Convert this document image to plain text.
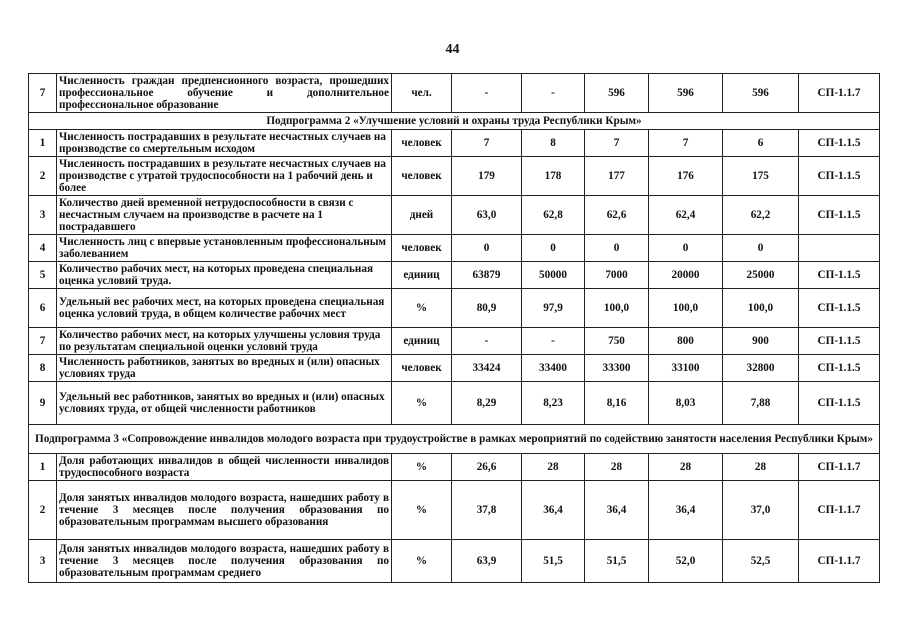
44
7	Численность граждан предпенсионного возраста, прошедших профессиональное обучение и дополнительное профессиональное образование	чел.	-	-	596	596	596	СП-1.1.7
Подпрограмма 2 «Улучшение условий и охраны труда Республики Крым»								
1	Численность пострадавших в результате несчастных случаев на производстве со смертельным исходом	человек	7	8	7	7	6	СП-1.1.5
2	Численность пострадавших в результате несчастных случаев на производстве с утратой трудоспособности на 1 рабочий день и более	человек	179	178	177	176	175	СП-1.1.5
3	Количество дней временной нетрудоспособности в связи с несчастным случаем на производстве в расчете на 1 пострадавшего	дней	63,0	62,8	62,6	62,4	62,2	СП-1.1.5
4	Численность лиц с впервые установленным профессиональным заболеванием	человек	0	0	0	0	0	
5	Количество рабочих мест, на которых проведена специальная оценка условий труда.	единиц	63879	50000	7000	20000	25000	СП-1.1.5
6	Удельный вес рабочих мест, на которых проведена специальная оценка условий труда, в общем количестве рабочих мест	%	80,9	97,9	100,0	100,0	100,0	СП-1.1.5
7	Количество рабочих мест, на которых улучшены условия труда по результатам специальной оценки условий труда	единиц	-	-	750	800	900	СП-1.1.5
8	Численность работников, занятых во вредных и (или) опасных условиях труда	человек	33424	33400	33300	33100	32800	СП-1.1.5
9	Удельный вес работников, занятых во вредных и (или) опасных условиях труда, от общей численности работников	%	8,29	8,23	8,16	8,03	7,88	СП-1.1.5
Подпрограмма 3 «Сопровождение инвалидов молодого возраста при трудоустройстве в рамках мероприятий по содействию занятости населения Республики Крым»								
1	Доля работающих инвалидов в общей численности инвалидов трудоспособного возраста	%	26,6	28	28	28	28	СП-1.1.7
2	Доля занятых инвалидов молодого возраста, нашедших работу в течение 3 месяцев после получения образования по образовательным программам высшего образования	%	37,8	36,4	36,4	36,4	37,0	СП-1.1.7
3	Доля занятых инвалидов молодого возраста, нашедших работу в течение 3 месяцев после получения образования по образовательным программам среднего	%	63,9	51,5	51,5	52,0	52,5	СП-1.1.7
